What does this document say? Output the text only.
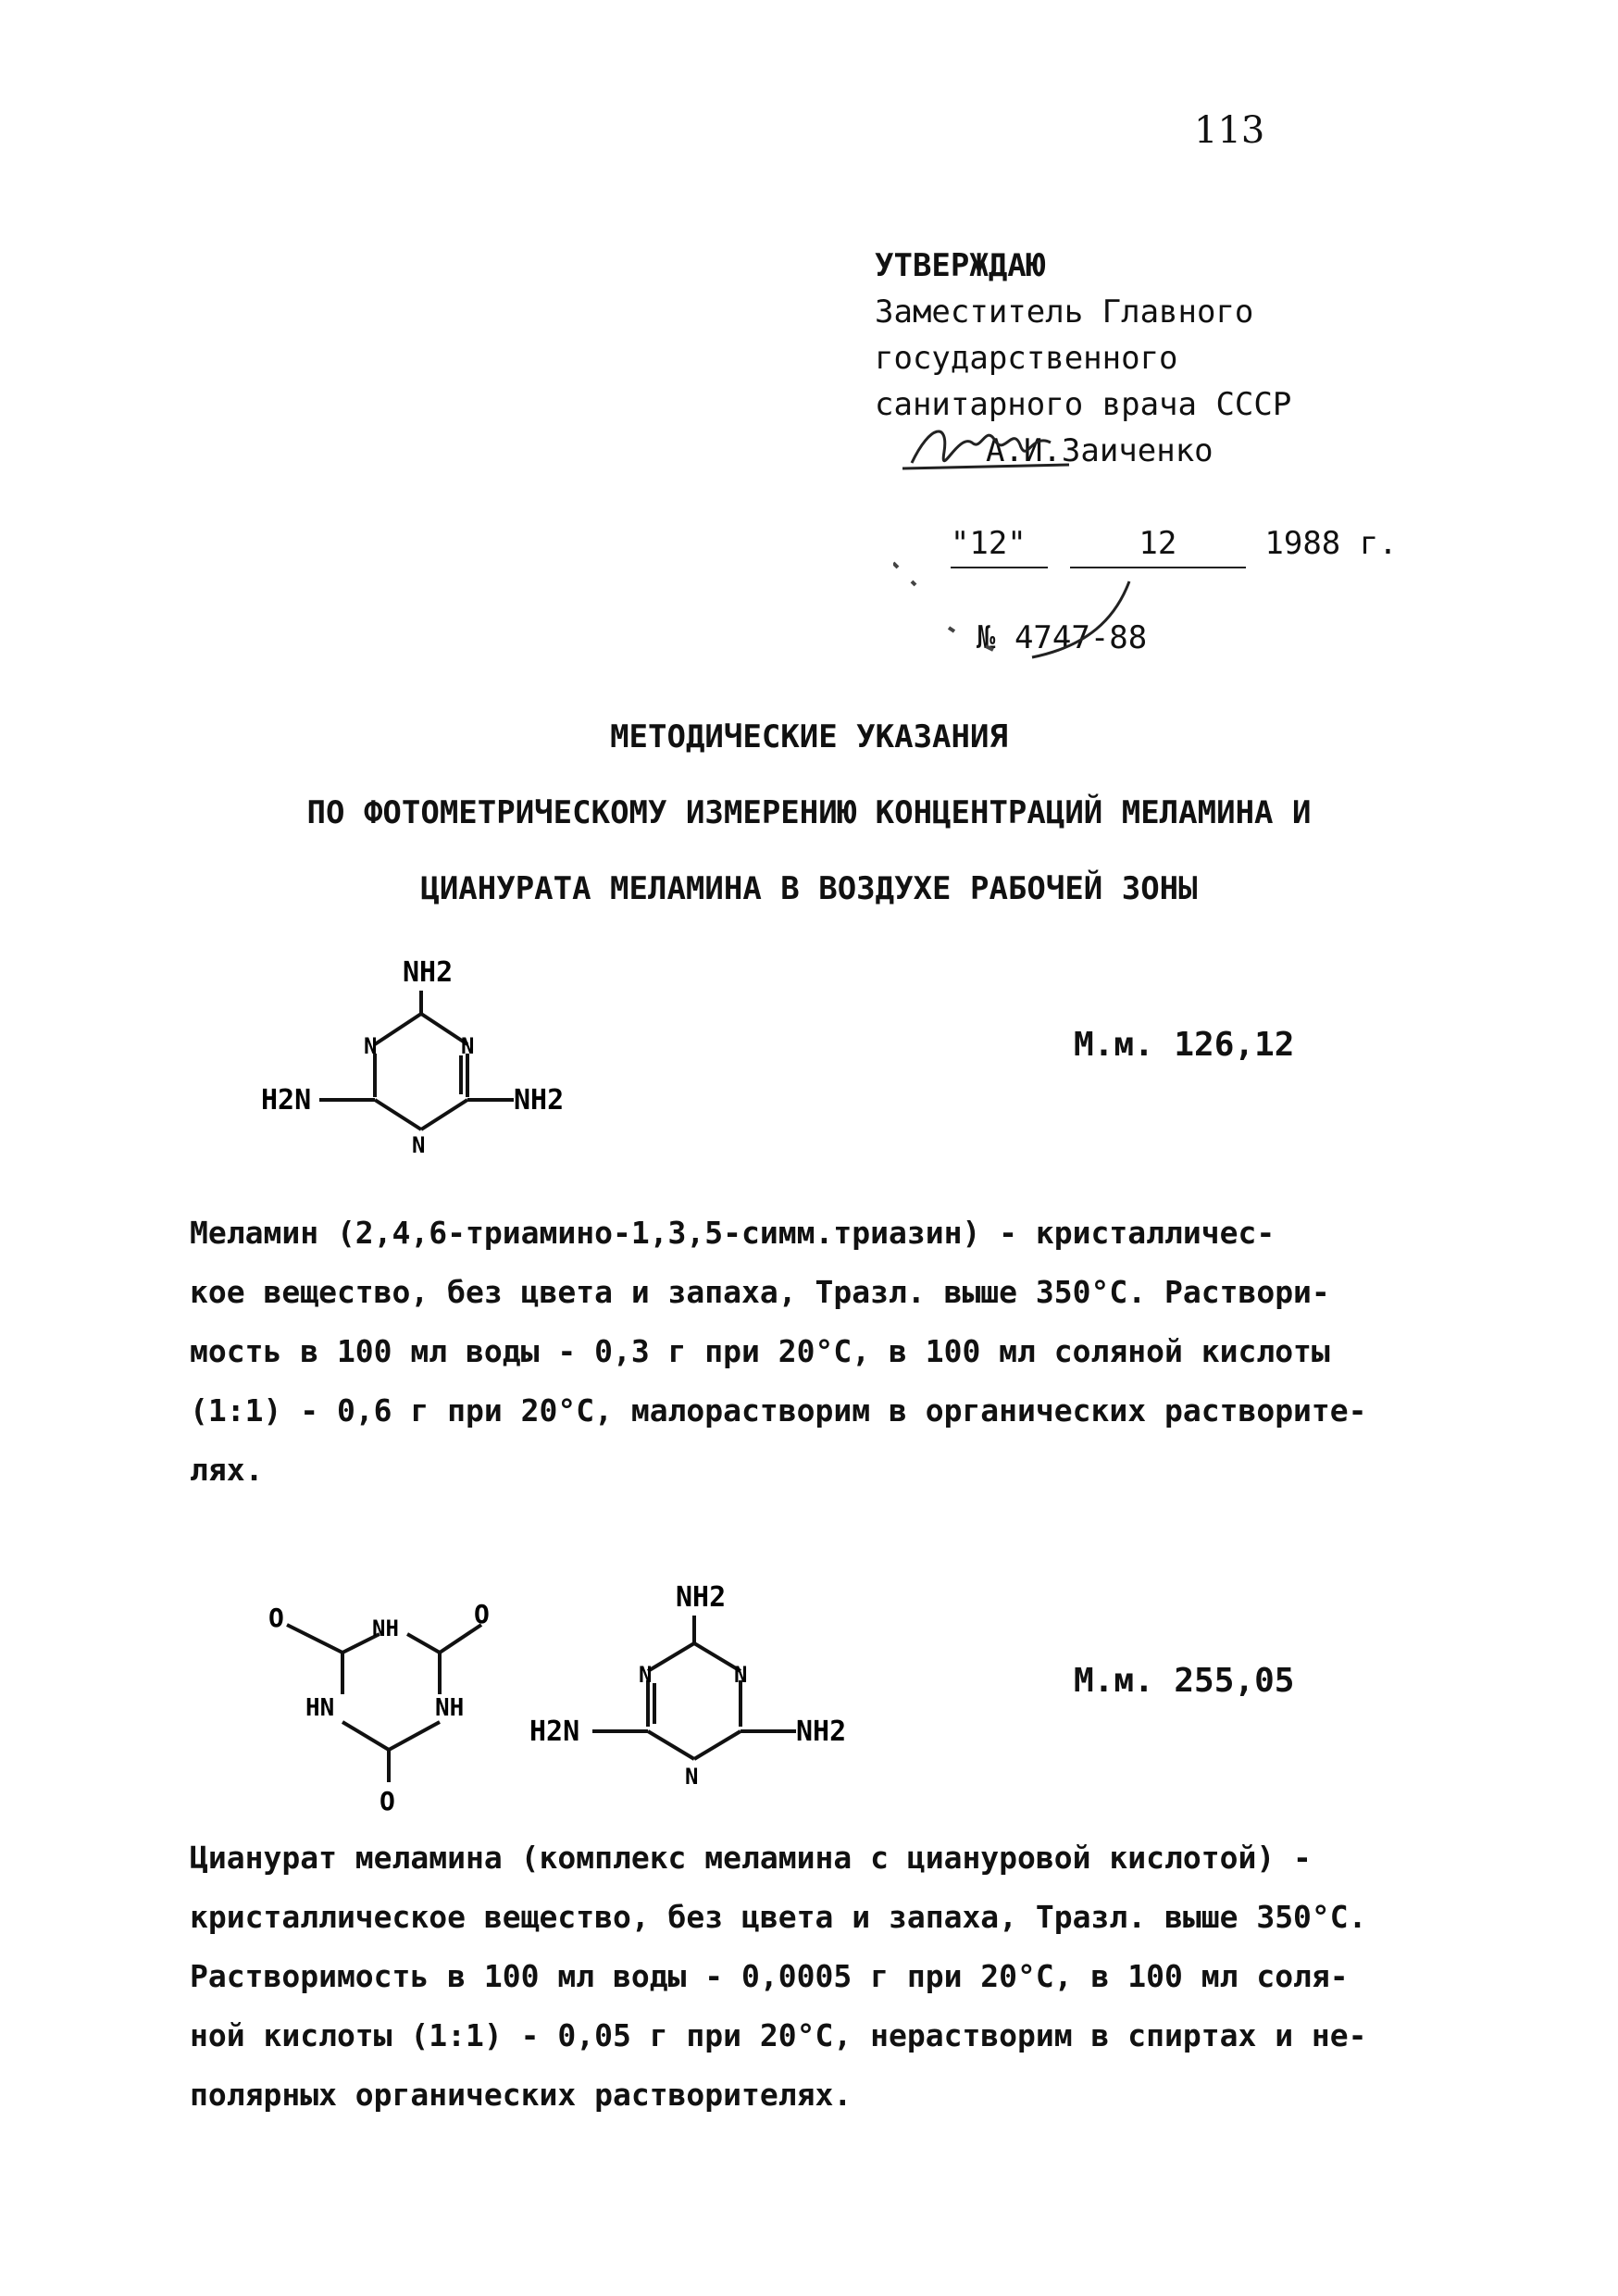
113
УТВЕРЖДАЮ
Заместитель Главного
государственного
санитарного врача СССР
А.И.Заиченко

"12"	12	1988 г.

№ 4747-88
МЕТОДИЧЕСКИЕ УКАЗАНИЯ
ПО ФОТОМЕТРИЧЕСКОМУ ИЗМЕРЕНИЮ КОНЦЕНТРАЦИЙ МЕЛАМИНА И
ЦИАНУРАТА МЕЛАМИНА В ВОЗДУХЕ РАБОЧЕЙ ЗОНЫ
NH2
N	N
N
H2N	NH2
М.м. 126,12
Меламин (2,4,6-триамино-1,3,5-симм.триазин) - кристалличес-
кое вещество, без цвета и запаха, Тразл. выше 350°С. Раствори-
мость в 100 мл воды - 0,3 г при 20°С, в 100 мл соляной кислоты
(1:1) - 0,6 г при 20°С, малорастворим в органических растворите-
лях.
O	NH	O
HN	NH
O
NH2
N	N
N
H2N	NH2
М.м. 255,05
Цианурат меламина (комплекс меламина с циануровой кислотой) -
кристаллическое вещество, без цвета и запаха, Тразл. выше 350°С.
Растворимость в 100 мл воды - 0,0005 г при 20°С, в 100 мл соля-
ной кислоты (1:1) - 0,05 г при 20°С, нерастворим в спиртах и не-
полярных органических растворителях.
